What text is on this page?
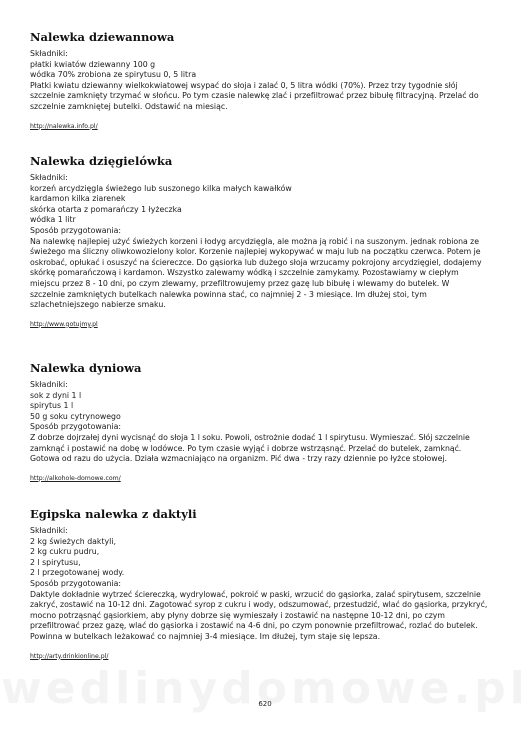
Nalewka dziewannowa
Składniki:
płatki kwiatów dziewanny 100 g
wódka 70% zrobiona ze spirytusu 0, 5 litra
Płatki kwiatu dziewanny wielkokwiatowej wsypać do słoja i zalać 0, 5 litra wódki (70%). Przez trzy tygodnie słój
szczelnie zamknięty trzymać w słońcu. Po tym czasie nalewkę zlać i przefiltrować przez bibułę filtracyjną. Przelać do
szczelnie zamkniętej butelki. Odstawić na miesiąc.
http://nalewka.info.pl/
Nalewka dzięgielówka
Składniki:
korzeń arcydzięgla świeżego lub suszonego kilka małych kawałków
kardamon kilka ziarenek
skórka otarta z pomarańczy 1 łyżeczka
wódka 1 litr
Sposób przygotowania:
Na nalewkę najlepiej użyć świeżych korzeni i łodyg arcydzięgla, ale można ją robić i na suszonym. jednak robiona ze
świeżego ma śliczny oliwkowozielony kolor. Korzenie najlepiej wykopywać w maju lub na początku czerwca. Potem je
oskrobać, opłukać i osuszyć na ściereczce. Do gąsiorka lub dużego słoja wrzucamy pokrojony arcydzięgiel, dodajemy
skórkę pomarańczową i kardamon. Wszystko zalewamy wódką i szczelnie zamykamy. Pozostawiamy w ciepłym
miejscu przez 8 - 10 dni, po czym zlewamy, przefiltrowujemy przez gazę lub bibułę i wlewamy do butelek. W
szczelnie zamkniętych butelkach nalewka powinna stać, co najmniej 2 - 3 miesiące. Im dłużej stoi, tym
szlachetniejszego nabierze smaku.
http://www.gotujmy.pl
Nalewka dyniowa
Składniki:
sok z dyni 1 l
spirytus 1 l
50 g soku cytrynowego
Sposób przygotowania:
Z dobrze dojrzałej dyni wycisnąć do słoja 1 l soku. Powoli, ostrożnie dodać 1 l spirytusu. Wymieszać. Słój szczelnie
zamknąć i postawić na dobę w lodówce. Po tym czasie wyjąć i dobrze wstrząsnąć. Przelać do butelek, zamknąć.
Gotowa od razu do użycia. Działa wzmacniająco na organizm. Pić dwa - trzy razy dziennie po łyżce stołowej.
http://alkohole-domowe.com/
Egipska nalewka z daktyli
Składniki:
2 kg świeżych daktyli,
2 kg cukru pudru,
2 l spirytusu,
2 l przegotowanej wody.
Sposób przygotowania:
Daktyle dokładnie wytrzeć ściereczką, wydrylować, pokroić w paski, wrzucić do gąsiorka, zalać spirytusem, szczelnie
zakryć, zostawić na 10-12 dni. Zagotować syrop z cukru i wody, odszumować, przestudzić, wlać do gąsiorka, przykryć,
mocno potrząsnąć gąsiorkiem, aby płyny dobrze się wymieszały i zostawić na następne 10-12 dni, po czym
przefiltrować przez gazę, wlać do gąsiorka i zostawić na 4-6 dni, po czym ponownie przefiltrować, rozlać do butelek.
Powinna w butelkach leżakować co najmniej 3-4 miesiące. Im dłużej, tym staje się lepsza.
http://arty.drinkionline.pl/
620
